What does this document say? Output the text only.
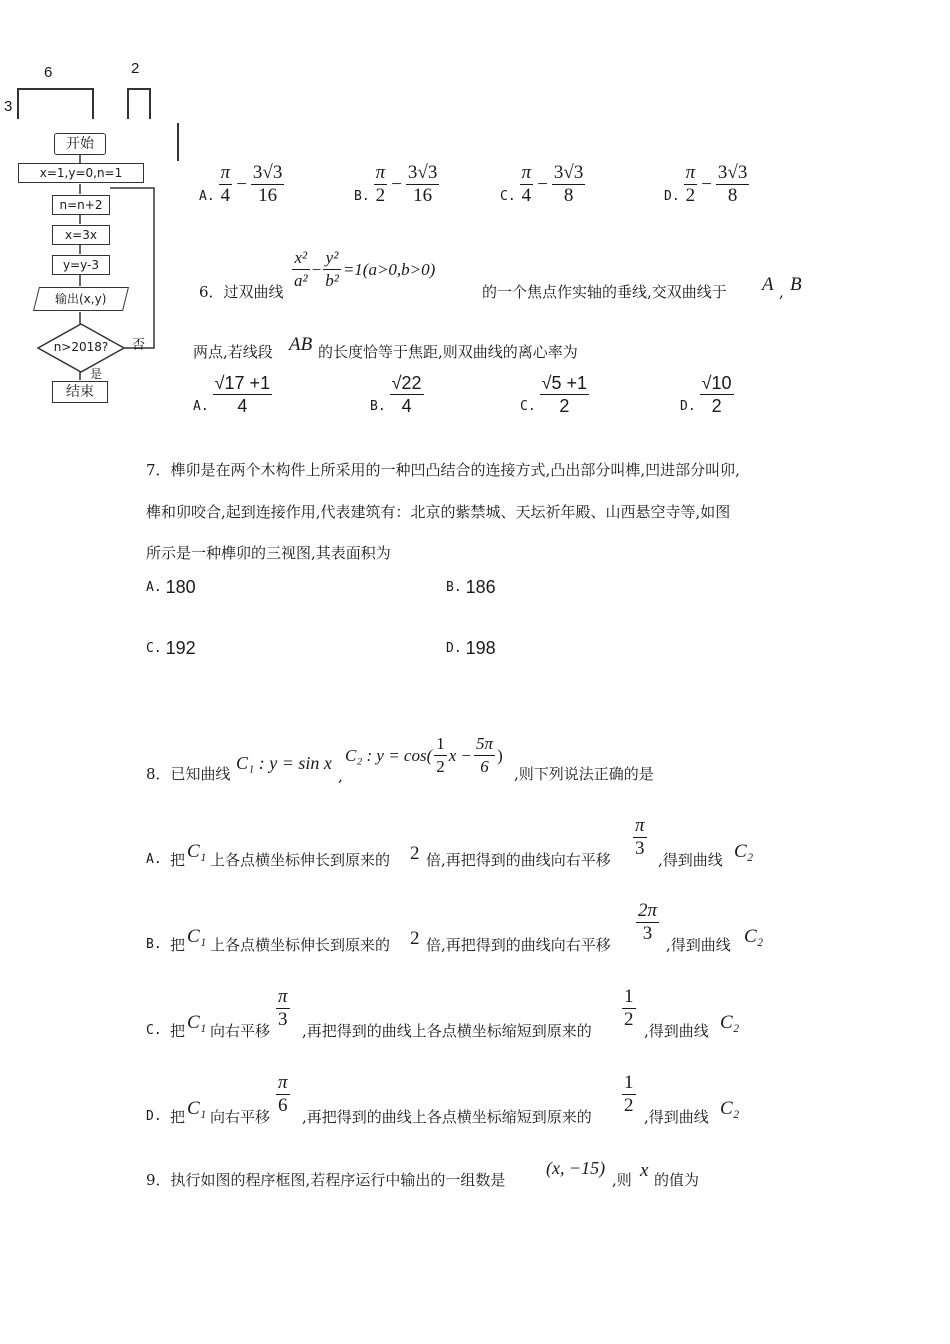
3
6	2
开始
x=1,y=0,n=1
n=n+2
x=3x
y=y-3
输出(x,y)
n>2018?	否
是
结束
A. $\frac{\pi}{4} - \frac{3√3}{16}$	B. $\frac{\pi}{2} - \frac{3√3}{16}$	C. $\frac{\pi}{4} - \frac{3√3}{8}$	D. $\frac{\pi}{2} - \frac{3√3}{8}$
6．过双曲线 $\frac{\text{x²}}{\text{a²}} - \frac{\text{y²}}{\text{b²}} =1(a>0,b>0)$
的一个焦点作实轴的垂线,交双曲线于 A , B
两点,若线段 AB 的长度恰等于焦距,则双曲线的离心率为
A. $\frac{√17 +1}{4}$	B. $\frac{√22}{4}$	C. $\frac{√5 +1}{2}$	D. $\frac{√10}{2}$
7．榫卯是在两个木构件上所采用的一种凹凸结合的连接方式,凸出部分叫榫,凹进部分叫卯,
榫和卯咬合,起到连接作用,代表建筑有：北京的紫禁城、天坛祈年殿、山西悬空寺等,如图
所示是一种榫卯的三视图,其表面积为
A. 180	B. 186
C. 192	D. 198
8．已知曲线
C₁ : y = sin x
,
C₂ : $y = \cos( \frac{1}{2}$ $x - \frac{5\pi}{6}$ )
,则下列说法正确的是
A. 把 C₁ 上各点横坐标伸长到原来的 2 倍,再把得到的曲线向右平移
π
3
,得到曲线 C₂
B. 把 C₁ 上各点横坐标伸长到原来的 2 倍,再把得到的曲线向右平移
2π
3
,得到曲线 C₂
C. 把 C₁ 向右平移
π
3
,再把得到的曲线上各点横坐标缩短到原来的
1
2
,得到曲线 C₂
D. 把 C₁ 向右平移
π
6
,再把得到的曲线上各点横坐标缩短到原来的
1
2
,得到曲线 C₂
9．执行如图的程序框图,若程序运行中输出的一组数是
(x, −15)
,则 x 的值为
